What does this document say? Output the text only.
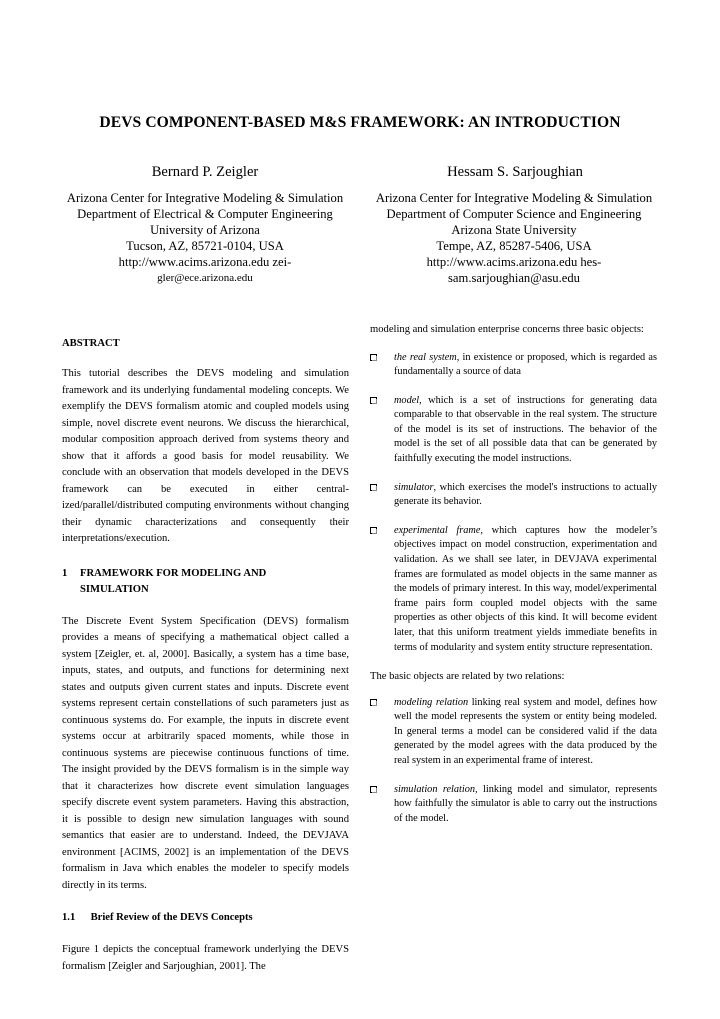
DEVS COMPONENT-BASED M&S FRAMEWORK: AN INTRODUCTION
Bernard P. Zeigler	Hessam S. Sarjoughian
Arizona Center for Integrative Modeling & Simulation
Department of Electrical & Computer Engineering
University of Arizona
Tucson, AZ, 85721-0104, USA
http://www.acims.arizona.edu zei-
gler@ece.arizona.edu
Arizona Center for Integrative Modeling & Simulation
Department of Computer Science and Engineering
Arizona State University
Tempe, AZ, 85287-5406, USA
http://www.acims.arizona.edu hes-
sam.sarjoughian@asu.edu
ABSTRACT

This tutorial describes the DEVS modeling and simulation framework and its underlying fundamental modeling concepts. We exemplify the DEVS formalism atomic and coupled models using simple, novel discrete event neurons. We discuss the hierarchical, modular composition approach derived from systems theory and show that it affords a good basis for model reusability. We conclude with an observation that models developed in the DEVS framework can be executed in either central-ized/parallel/distributed computing environments without changing their dynamic characterizations and consequently their interpretations/execution.

1 FRAMEWORK FOR MODELING AND
SIMULATION

The Discrete Event System Specification (DEVS) formalism provides a means of specifying a mathematical object called a system [Zeigler, et. al, 2000]. Basically, a system has a time base, inputs, states, and outputs, and functions for determining next states and outputs given current states and inputs. Discrete event systems represent certain constellations of such parameters just as continuous systems do. For example, the inputs in discrete event systems occur at arbitrarily spaced moments, while those in continuous systems are piecewise continuous functions of time. The insight provided by the DEVS formalism is in the simple way that it characterizes how discrete event simulation languages specify discrete event system parameters. Having this abstraction, it is possible to design new simulation languages with sound semantics that easier are to understand. Indeed, the DEVJAVA environment [ACIMS, 2002] is an implementation of the DEVS formalism in Java which enables the modeler to specify models directly in its terms.

1.1 Brief Review of the DEVS Concepts

Figure 1 depicts the conceptual framework underlying the DEVS formalism [Zeigler and Sarjoughian, 2001]. The

modeling and simulation enterprise concerns three basic objects:

the real system, in existence or proposed, which is regarded as fundamentally a source of data
model, which is a set of instructions for generating data comparable to that observable in the real system. The structure of the model is its set of instructions. The behavior of the model is the set of all possible data that can be generated by faithfully executing the model instructions.
simulator, which exercises the model's instructions to actually generate its behavior.
experimental frame, which captures how the modeler’s objectives impact on model construction, experimentation and validation. As we shall see later, in DEVJAVA experimental frames are formulated as model objects in the same manner as the models of primary interest. In this way, model/experimental frame pairs form coupled model objects with the same properties as other objects of this kind. It will become evident later, that this uniform treatment yields immediate benefits in terms of modularity and system entity structure representation.

The basic objects are related by two relations:

modeling relation linking real system and model, defines how well the model represents the system or entity being modeled. In general terms a model can be considered valid if the data generated by the model agrees with the data produced by the real system in an experimental frame of interest.
simulation relation, linking model and simulator, represents how faithfully the simulator is able to carry out the instructions of the model.
